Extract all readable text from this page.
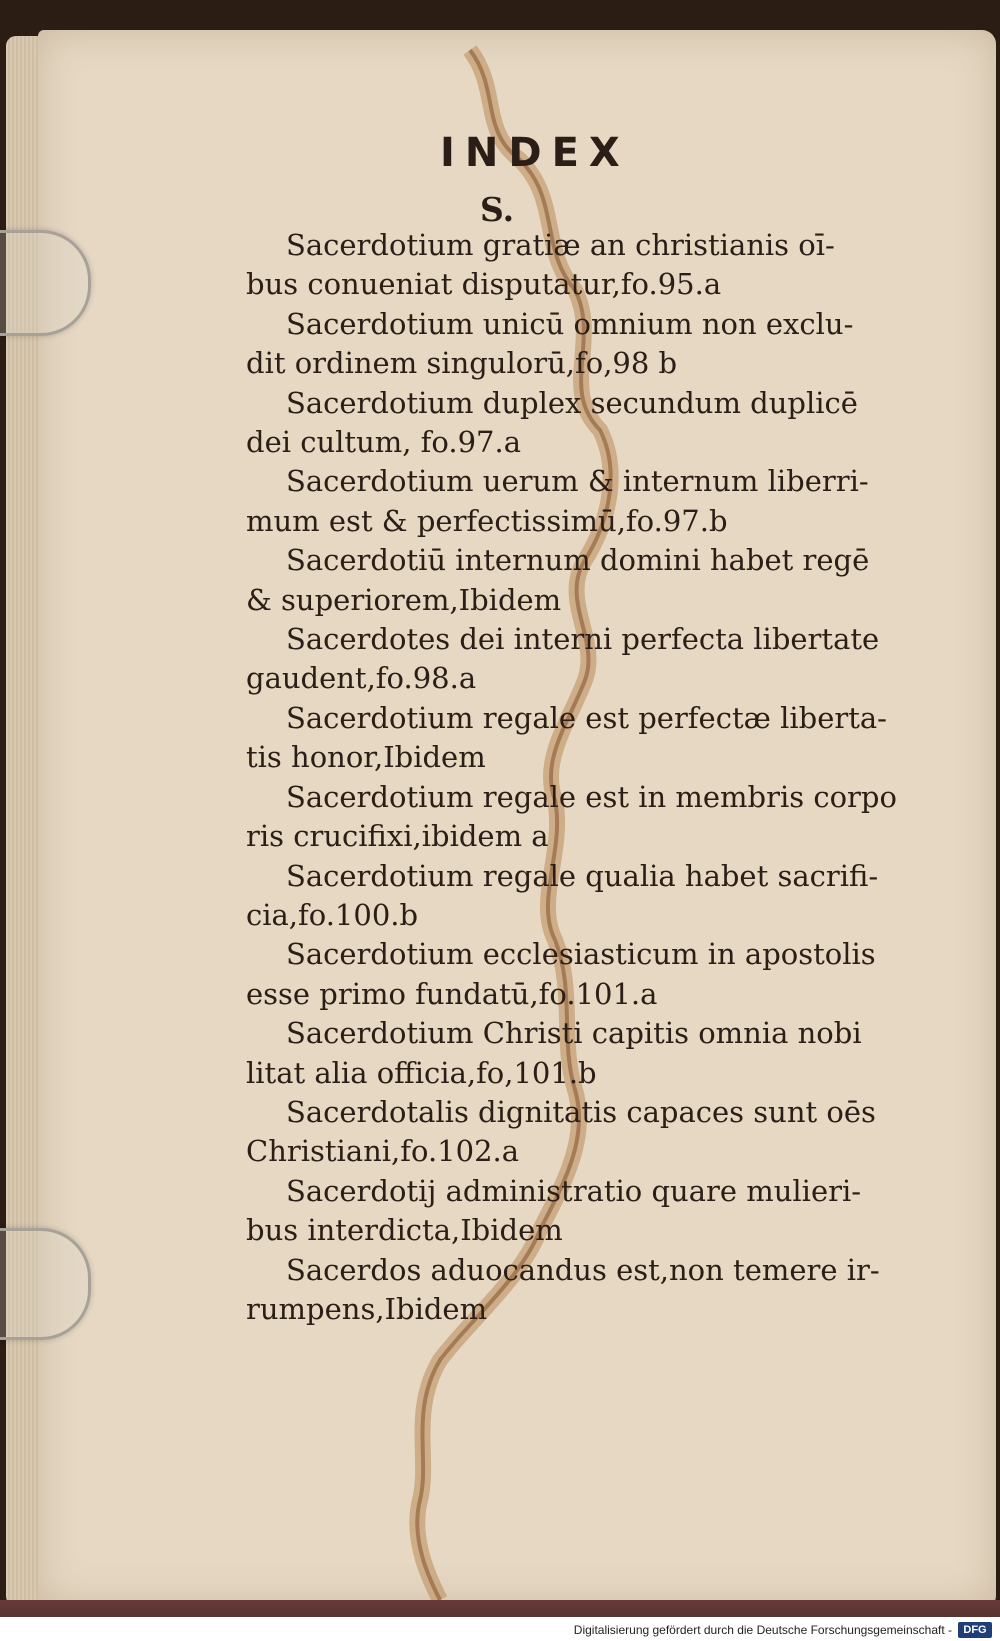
INDEX
S.

Sacerdotium gratiæ an christianis oī-
bus conueniat disputatur,fo.95.a

Sacerdotium unicū omnium non exclu-
dit ordinem singulorū,fo,98 b

Sacerdotium duplex secundum duplicē
dei cultum, fo.97.a

Sacerdotium uerum & internum liberri-
mum est & perfectissimū,fo.97.b

Sacerdotiū internum domini habet regē
& superiorem,Ibidem

Sacerdotes dei interni perfecta libertate
gaudent,fo.98.a

Sacerdotium regale est perfectæ liberta-
tis honor,Ibidem

Sacerdotium regale est in membris corpo
ris crucifixi,ibidem a

Sacerdotium regale qualia habet sacrifi-
cia,fo.100.b

Sacerdotium ecclesiasticum in apostolis
esse primo fundatū,fo.101.a

Sacerdotium Christi capitis omnia nobi
litat alia officia,fo,101.b

Sacerdotalis dignitatis capaces sunt oēs
Christiani,fo.102.a

Sacerdotij administratio quare mulieri-
bus interdicta,Ibidem

Sacerdos aduocandus est,non temere ir-
rumpens,Ibidem

Digitalisierung gefördert durch die Deutsche Forschungsgemeinschaft -	DFG
